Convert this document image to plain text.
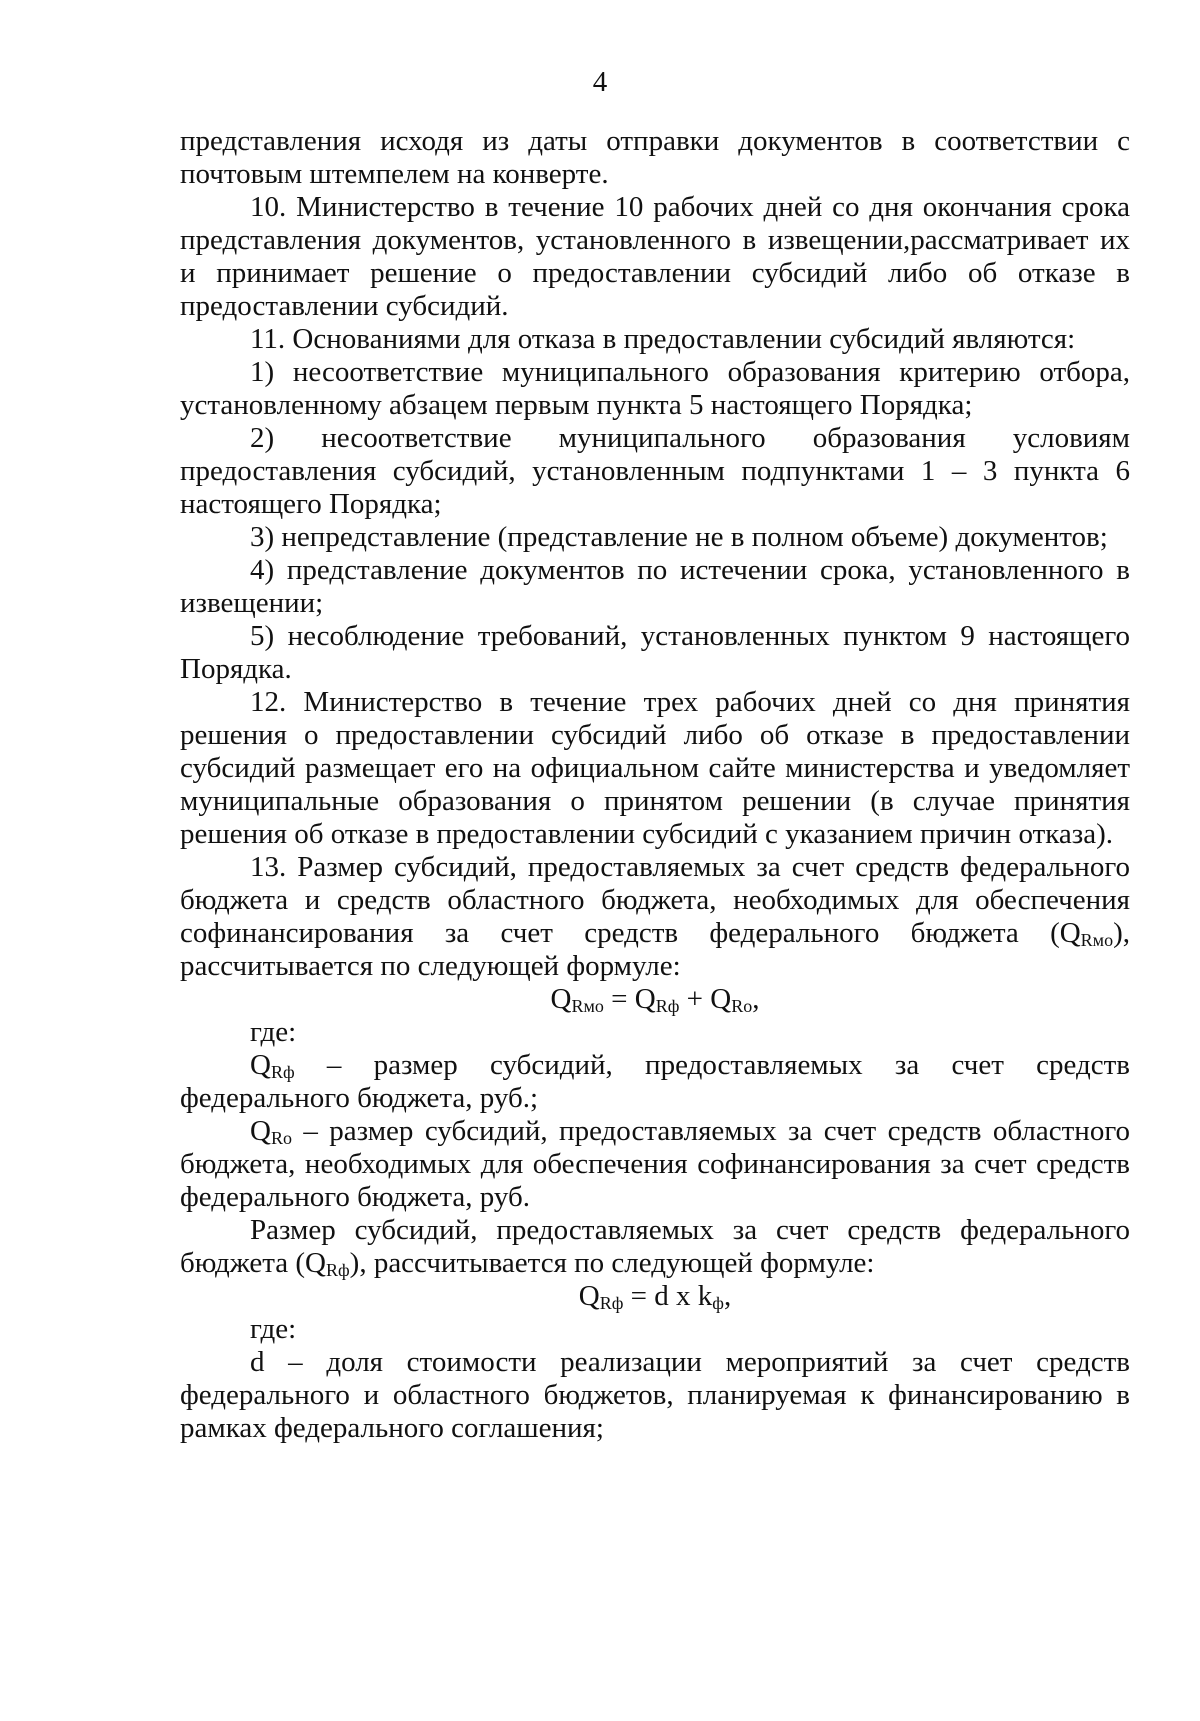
4

представления исходя из даты отправки документов в соответствии с почтовым штемпелем на конверте.

10. Министерство в течение 10 рабочих дней со дня окончания срока представления документов, установленного в извещении,рассматривает их и принимает решение о предоставлении субсидий либо об отказе в предоставлении субсидий.

11. Основаниями для отказа в предоставлении субсидий являются:

1) несоответствие муниципального образования критерию отбора, установленному абзацем первым пункта 5 настоящего Порядка;

2) несоответствие муниципального образования условиям предоставления субсидий, установленным подпунктами 1 – 3 пункта 6 настоящего Порядка;

3) непредставление (представление не в полном объеме) документов;

4) представление документов по истечении срока, установленного в извещении;

5) несоблюдение требований, установленных пунктом 9 настоящего Порядка.

12. Министерство в течение трех рабочих дней со дня принятия решения о предоставлении субсидий либо об отказе в предоставлении субсидий размещает его на официальном сайте министерства и уведомляет муниципальные образования о принятом решении (в случае принятия решения об отказе в предоставлении субсидий с указанием причин отказа).

13. Размер субсидий, предоставляемых за счет средств федерального бюджета и средств областного бюджета, необходимых для обеспечения софинансирования за счет средств федерального бюджета $(Q_{Rмо})$, рассчитывается по следующей формуле:

$Q_{Rмо} = Q_{Rф} + Q_{Rо}$,

где:

$Q_{Rф}$ – размер субсидий, предоставляемых за счет средств федерального бюджета, руб.;

$Q_{Rо}$ – размер субсидий, предоставляемых за счет средств областного бюджета, необходимых для обеспечения софинансирования за счет средств федерального бюджета, руб.

Размер субсидий, предоставляемых за счет средств федерального бюджета $(Q_{Rф})$, рассчитывается по следующей формуле:

$Q_{Rф} = d$ x $k_ф$,

где:

d – доля стоимости реализации мероприятий за счет средств федерального и областного бюджетов, планируемая к финансированию в рамках федерального соглашения;
